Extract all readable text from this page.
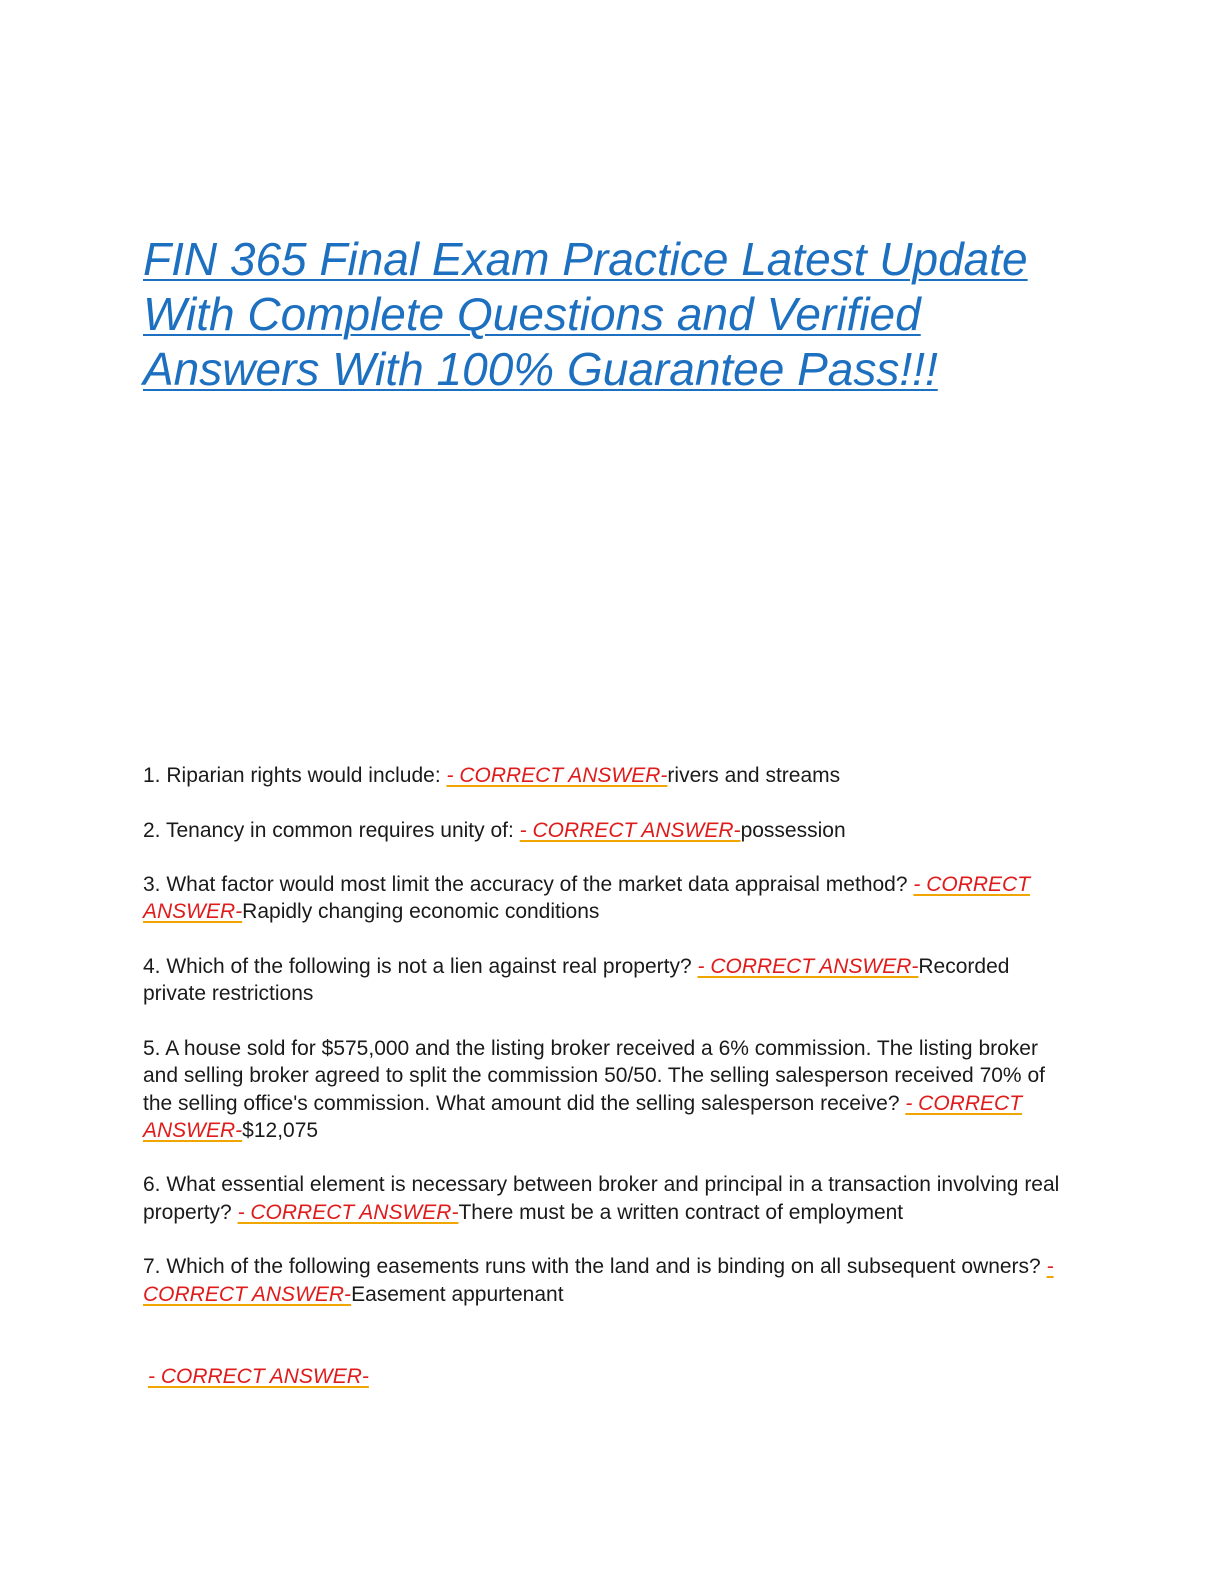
FIN 365 Final Exam Practice Latest Update With Complete Questions and Verified Answers With 100% Guarantee Pass!!!
1. Riparian rights would include: - CORRECT ANSWER-rivers and streams
2. Tenancy in common requires unity of: - CORRECT ANSWER-possession
3. What factor would most limit the accuracy of the market data appraisal method? - CORRECT ANSWER-Rapidly changing economic conditions
4. Which of the following is not a lien against real property? - CORRECT ANSWER-Recorded private restrictions
5. A house sold for $575,000 and the listing broker received a 6% commission. The listing broker and selling broker agreed to split the commission 50/50. The selling salesperson received 70% of the selling office's commission. What amount did the selling salesperson receive? - CORRECT ANSWER-$12,075
6. What essential element is necessary between broker and principal in a transaction involving real property? - CORRECT ANSWER-There must be a written contract of employment
7. Which of the following easements runs with the land and is binding on all subsequent owners? - CORRECT ANSWER-Easement appurtenant
- CORRECT ANSWER-
